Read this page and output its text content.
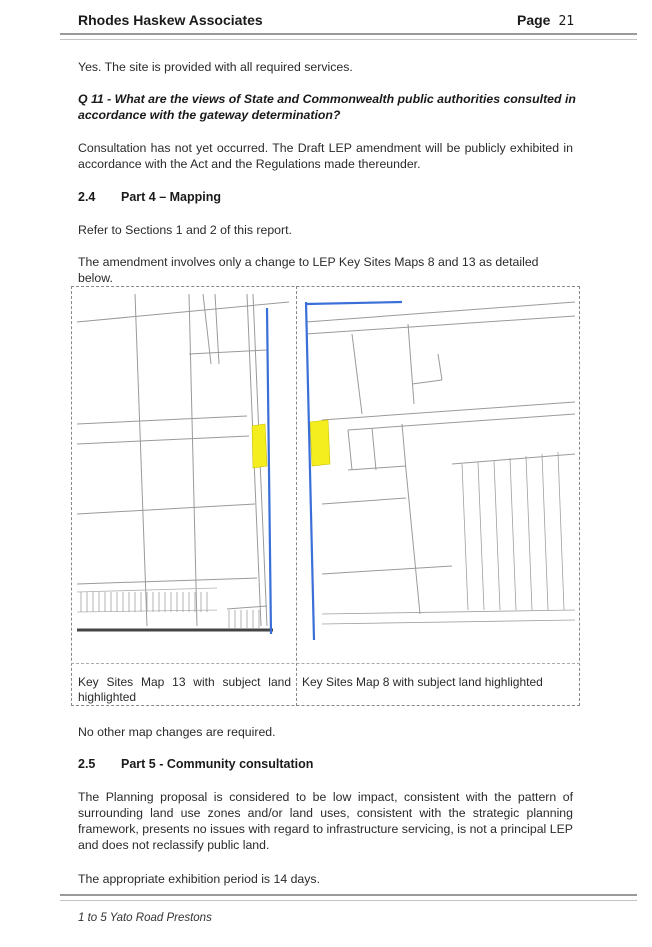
Rhodes Haskew Associates	Page 21

Yes. The site is provided with all required services.

Q 11 - What are the views of State and Commonwealth public authorities consulted in accordance with the gateway determination?

Consultation has not yet occurred. The Draft LEP amendment will be publicly exhibited in accordance with the Act and the Regulations made thereunder.

2.4 Part 4 – Mapping

Refer to Sections 1 and 2 of this report.

The amendment involves only a change to LEP Key Sites Maps 8 and 13 as detailed below.

Key Sites Map 13 with subject land highlighted
Key Sites Map 8 with subject land highlighted

No other map changes are required.

2.5 Part 5 - Community consultation

The Planning proposal is considered to be low impact, consistent with the pattern of surrounding land use zones and/or land uses, consistent with the strategic planning framework, presents no issues with regard to infrastructure servicing, is not a principal LEP and does not reclassify public land.

The appropriate exhibition period is 14 days.

1 to 5 Yato Road Prestons
